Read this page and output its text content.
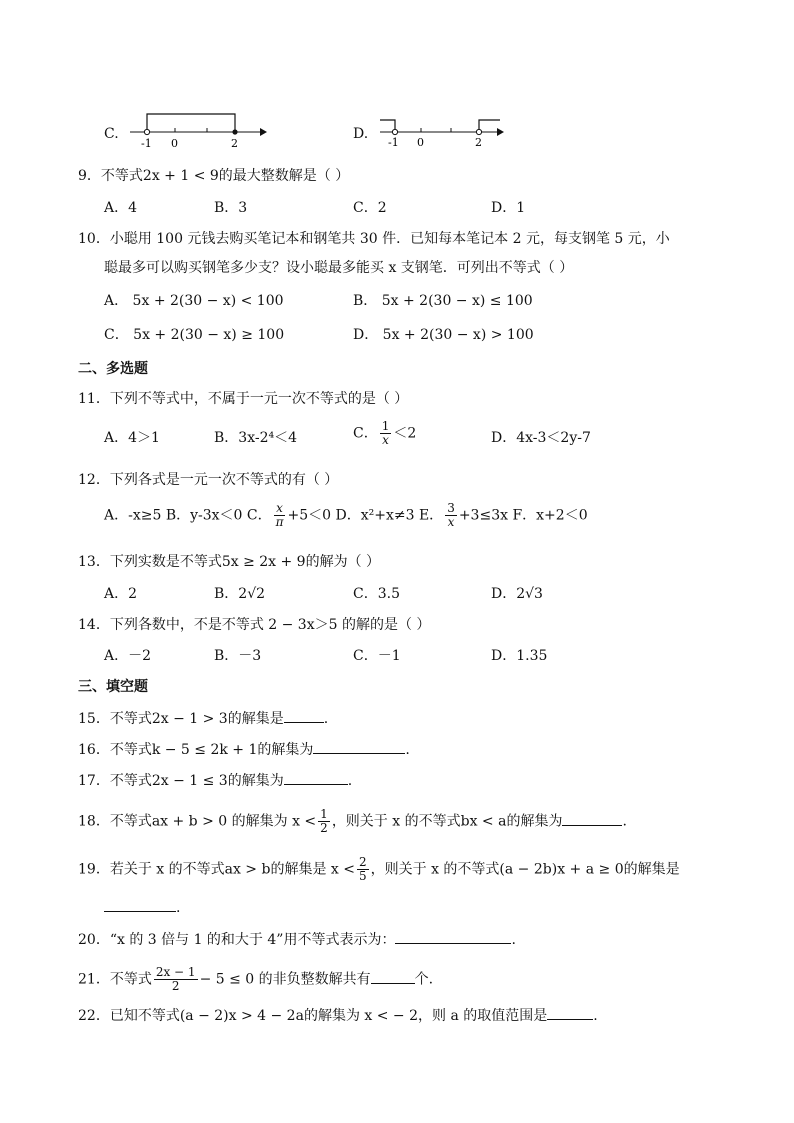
C.
-1 0	2
D.
-1 0	2
9．不等式2x + 1 < 9的最大整数解是（ ）
A．4	B．3	C．2	D．1
10．小聪用 100 元钱去购买笔记本和钢笔共 30 件．已知每本笔记本 2 元，每支钢笔 5 元，小
聪最多可以购买钢笔多少支？设小聪最多能买 x 支钢笔．可列出不等式（ ）
A． 5x + 2(30 − x) < 100	B． 5x + 2(30 − x) ≤ 100
C． 5x + 2(30 − x) ≥ 100	D． 5x + 2(30 − x) > 100
二、多选题
11．下列不等式中，不属于一元一次不等式的是（ ）
A．4＞1	B．3x-2⁴＜4	C． $\frac{1}{x} <2$	D．4x-3＜2y-7
12．下列各式是一元一次不等式的有（ ）
A．-x≥5 B．y-3x＜0 C． $\frac{x}{\pi} +5<0$ D．x²+x≠3 E． $\frac{3}{x} +3\le 3x$ F．x+2＜0
13．下列实数是不等式5x ≥ 2x + 9的解为（ ）
A．2	B．2√2	C．3.5	D．2√3
14．下列各数中，不是不等式 2 − 3x＞5 的解的是（ ）
A．－2	B．－3	C．－1	D．1.35
三、填空题
15．不等式2x − 1 > 3的解集是	.
16．不等式k − 5 ≤ 2k + 1的解集为	.
17．不等式2x − 1 ≤ 3的解集为	.
18．不等式ax + b > 0 的解集为 $x < \frac{1}{2}$ ，则关于 x 的不等式bx < a的解集为	.
19．若关于 x 的不等式ax > b的解集是 $x < \frac{2}{5}$ ，则关于 x 的不等式(a − 2b)x + a ≥ 0的解集是
.
20．“x 的 3 倍与 1 的和大于 4”用不等式表示为：	.
21．不等式 $\frac{2x - 1}{2} - 5 \le 0$ 的非负整数解共有	个.
22．已知不等式(a − 2)x > 4 − 2a的解集为 x < − 2，则 a 的取值范围是	.
